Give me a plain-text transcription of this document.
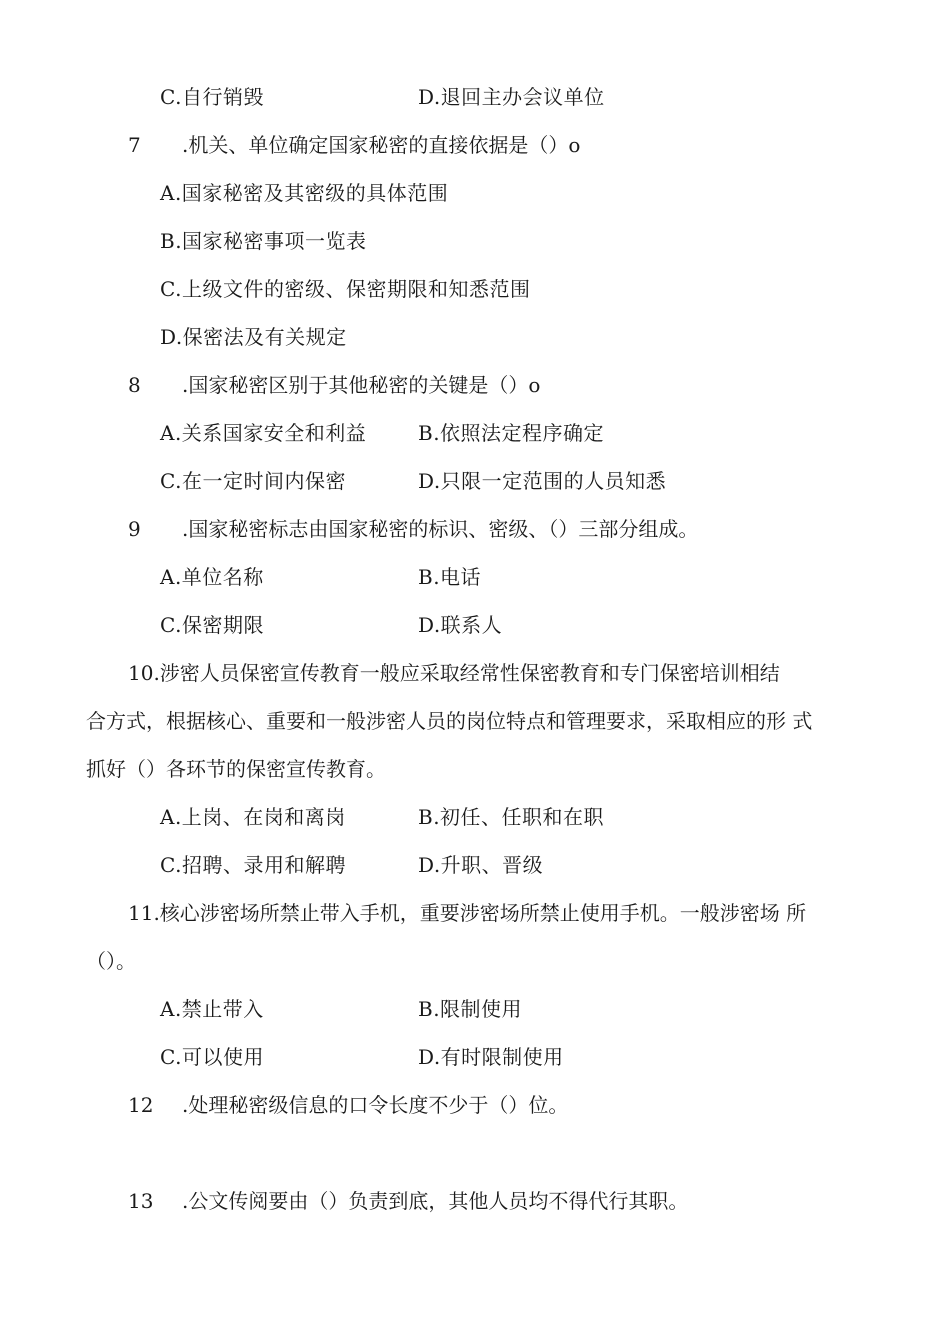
C.自行销毁	D.退回主办会议单位
7 .机关、单位确定国家秘密的直接依据是（）o
A.国家秘密及其密级的具体范围
B.国家秘密事项一览表
C.上级文件的密级、保密期限和知悉范围
D.保密法及有关规定
8 .国家秘密区别于其他秘密的关键是（）o
A.关系国家安全和利益	B.依照法定程序确定
C.在一定时间内保密	D.只限一定范围的人员知悉
9 .国家秘密标志由国家秘密的标识、密级、（）三部分组成。
A.单位名称	B.电话
C.保密期限	D.联系人
10.涉密人员保密宣传教育一般应采取经常性保密教育和专门保密培训相结
合方式，根据核心、重要和一般涉密人员的岗位特点和管理要求，采取相应的形 式
抓好（）各环节的保密宣传教育。
A.上岗、在岗和离岗	B.初任、任职和在职
C.招聘、录用和解聘	D.升职、晋级
11.核心涉密场所禁止带入手机，重要涉密场所禁止使用手机。一般涉密场 所
（）。
A.禁止带入	B.限制使用
C.可以使用	D.有时限制使用
12 .处理秘密级信息的口令长度不少于（）位。
13 .公文传阅要由（）负责到底，其他人员均不得代行其职。
